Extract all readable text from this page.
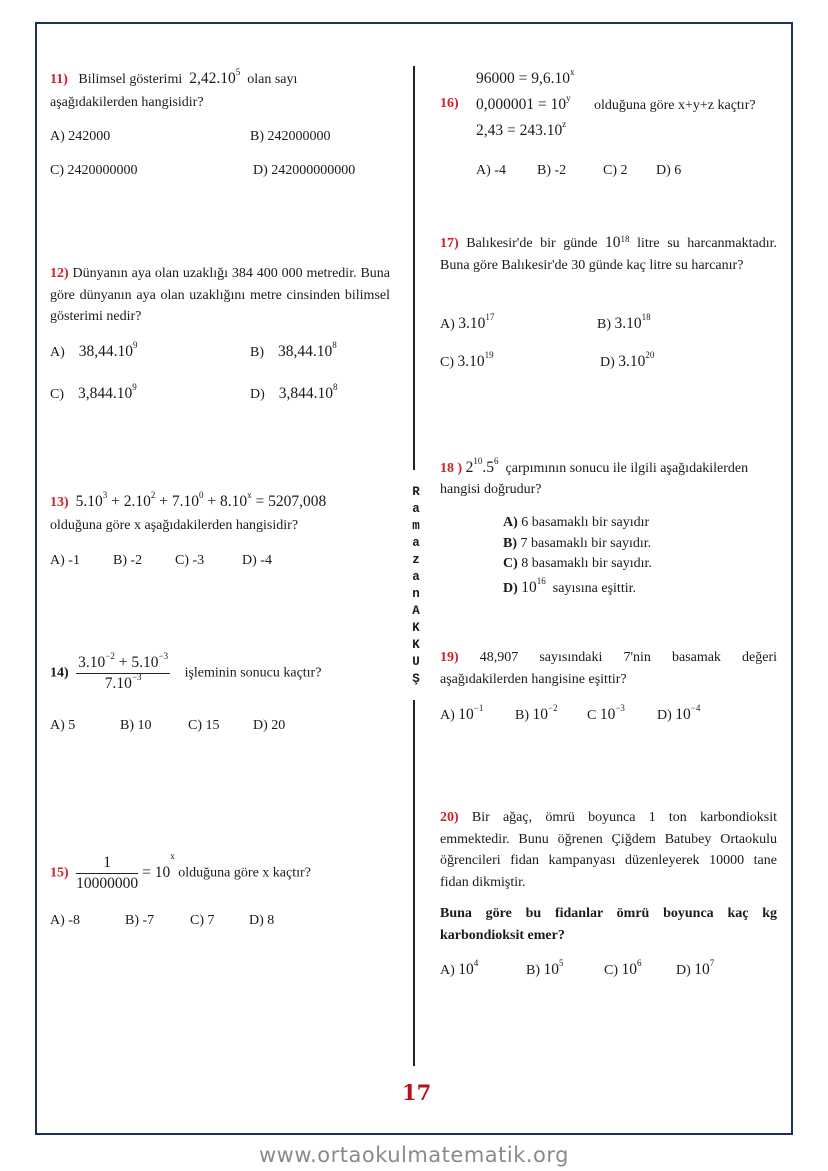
R
a
m
a
z
a
n
A
K
K
U
Ş
11) Bilimsel gösterimi 2,42.10$^5$ olan sayı
aşağıdakilerden hangisidir?
A) 242000	B) 242000000
C) 2420000000	D) 242000000000
12) Dünyanın aya olan uzaklığı 384 400 000 metredir. Buna göre dünyanın aya olan uzaklığını metre cinsinden bilimsel gösterimi nedir?
A) 38,44.10$^9$	B) 38,44.10$^8$
C) 3,844.10$^9$	D) 3,844.10$^8$
13) $5.10^3 + 2.10^2 + 7.10^0 + 8.10^x = 5207,008$
olduğuna göre x aşağıdakilerden hangisidir?
A) -1 B) -2 C) -3	D) -4
$14) \frac{3.10^{-2} + 5.10^{-3}}{7.10^{-3}}$ işleminin sonucu kaçtır?
A) 5	B) 10	C) 15 D) 20
$15) \frac{1}{10000000} = 10^x$ olduğuna göre x kaçtır?
A) -8	B) -7	C) 7 D) 8
$96000 = 9,6.10^x$
16) $0,000001 = 10^y$ olduğuna göre x+y+z kaçtır?
$2,43 = 243.10^z$
A) -4 B) -2	C) 2 D) 6
17) Balıkesir'de bir günde $10^{18}$ litre su harcanmaktadır. Buna göre Balıkesir'de 30 günde kaç litre su harcanır?
A) 3.10$^{17}$	B) 3.10$^{18}$
C) 3.10$^{19}$	D) 3.10$^{20}$
18 ) $2^{10}.5^6$ çarpımının sonucu ile ilgili aşağıdakilerden
hangisi doğrudur?
A) 6 basamaklı bir sayıdır
B) 7 basamaklı bir sayıdır.
C) 8 basamaklı bir sayıdır.
D) $10^{16}$  sayısına eşittir.
19) 48,907 sayısındaki 7'nin basamak değeri aşağıdakilerden hangisine eşittir?
A) $10^{-1}$ B) $10^{-2}$ C $10^{-3}$ D) $10^{-4}$
20) Bir ağaç, ömrü boyunca 1 ton karbondioksit emmektedir. Bunu öğrenen Çiğdem Batubey Ortaokulu öğrencileri fidan kampanyası düzenleyerek 10000 tane fidan dikmiştir.
Buna göre bu fidanlar ömrü boyunca kaç kg karbondioksit emer?
A) $10^4$	B) $10^5$	C) $10^6$ D) $10^7$
17
www.ortaokulmatematik.org
